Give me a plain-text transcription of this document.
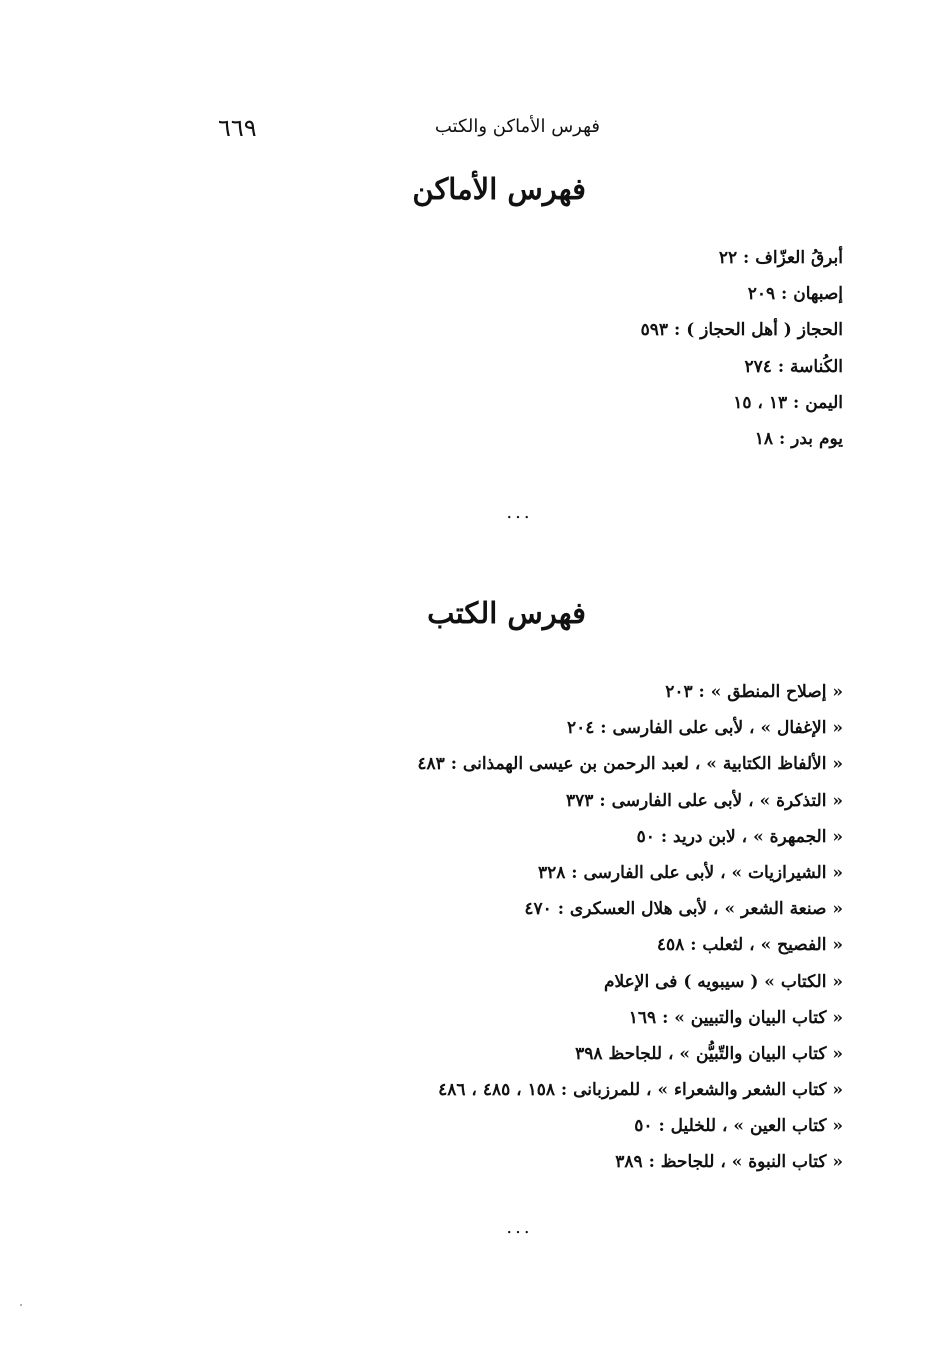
٦٦٩	فهرس الأماكن والكتب
فهرس الأماكن
أبرقُ العزّاف : ٢٢
إصبهان : ٢٠٩
الحجاز ( أهل الحجاز ) : ٥٩٣
الكُناسة : ٢٧٤
اليمن : ١٣ ، ١٥
يوم بدر : ١٨
...
فهرس الكتب
« إصلاح المنطق » : ٢٠٣
« الإغفال » ، لأبى على الفارسى : ٢٠٤
« الألفاظ الكتابية » ، لعبد الرحمن بن عيسى الهمذانى : ٤٨٣
« التذكرة » ، لأبى على الفارسى : ٣٧٣
« الجمهرة » ، لابن دريد : ٥٠
« الشيرازيات » ، لأبى على الفارسى : ٣٢٨
« صنعة الشعر » ، لأبى هلال العسكرى : ٤٧٠
« الفصيح » ، لثعلب : ٤٥٨
« الكتاب » ( سيبويه ) فى الإعلام
« كتاب البيان والتبيين » : ١٦٩
« كتاب البيان والتّبيُّن » ، للجاحظ ٣٩٨
« كتاب الشعر والشعراء » ، للمرزبانى : ١٥٨ ، ٤٨٥ ، ٤٨٦
« كتاب العين » ، للخليل : ٥٠
« كتاب النبوة » ، للجاحظ : ٣٨٩
...
